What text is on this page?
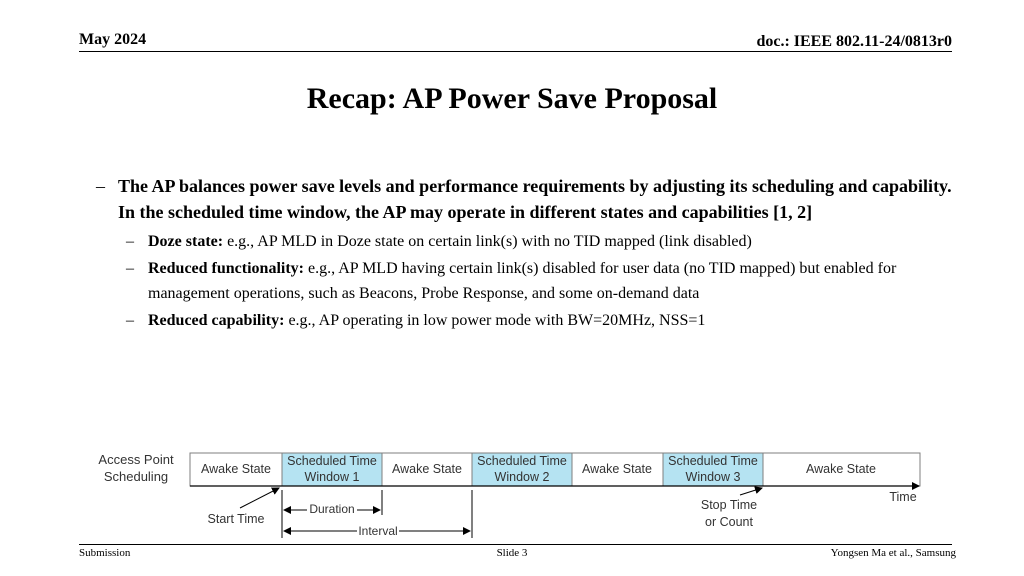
May 2024	doc.: IEEE 802.11-24/0813r0
Recap: AP Power Save Proposal
– The AP balances power save levels and performance requirements by adjusting its scheduling and capability. In the scheduled time window, the AP may operate in different states and capabilities [1, 2]
– Doze state: e.g., AP MLD in Doze state on certain link(s) with no TID mapped (link disabled)
– Reduced functionality: e.g., AP MLD having certain link(s) disabled for user data (no TID mapped) but enabled for management operations, such as Beacons, Probe Response, and some on-demand data
– Reduced capability: e.g., AP operating in low power mode with BW=20MHz, NSS=1
Access Point
Scheduling	Awake State	Awake State	Awake State	Awake State
Scheduled Time
Window 1
Scheduled Time
Window 2
Scheduled Time
Window 3
Time
Start Time
Duration
Interval
Stop Time
or Count
Submission	Slide 3	Yongsen Ma et al., Samsung
